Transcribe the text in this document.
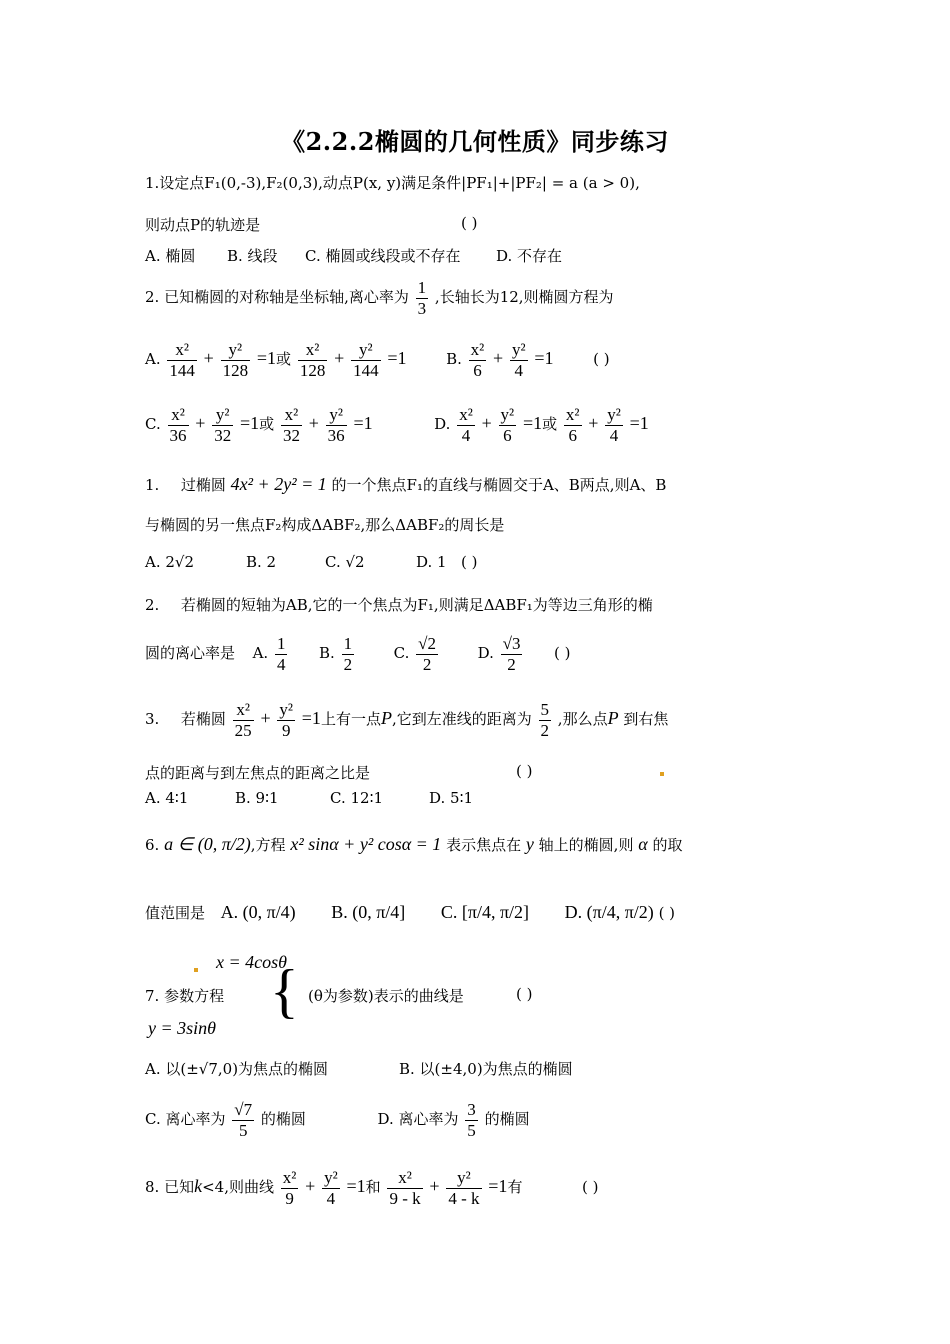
《2.2.2椭圆的几何性质》同步练习
1.设定点F₁(0,-3),F₂(0,3),动点P(x, y)满足条件|PF₁|+|PF₂| = a (a > 0),
则动点P的轨迹是	( )
A. 椭圆 B. 线段 C. 椭圆或线段或不存在 D. 不存在
2. 已知椭圆的对称轴是坐标轴,离心率为 $\frac{1}{3}$ ,长轴长为12,则椭圆方程为
A. $\frac{\text{x²}}{144} + \frac{\text{y²}}{128} =1$或 $\frac{\text{x²}}{128} + \frac{\text{y²}}{144} =1$	B. $\frac{\text{x²}}{6} + \frac{\text{y²}}{4} =1$	( )
C. $\frac{\text{x²}}{36} + \frac{\text{y²}}{32} =1$或 $\frac{\text{x²}}{32} + \frac{\text{y²}}{36} =1$	D. $\frac{\text{x²}}{4} + \frac{\text{y²}}{6} =1$或 $\frac{\text{x²}}{6} + \frac{\text{y²}}{4} =1$
1. 过椭圆 4x² + 2y² = 1 的一个焦点F₁的直线与椭圆交于A、B两点,则A、B
与椭圆的另一焦点F₂构成ΔABF₂,那么ΔABF₂的周长是
A. 2√2	B. 2	C. √2	D. 1 ( )
2. 若椭圆的短轴为AB,它的一个焦点为F₁,则满足ΔABF₁为等边三角形的椭
圆的离心率是 A. $\frac{1}{4} B$. $\frac{1}{2}$	C. $\frac{√2}{2}$	D. $\frac{√3}{2}$ ( )
3. 若椭圆 $\frac{\text{x²}}{25} + \frac{\text{y²}}{9} =1$上有一点P,它到左准线的距离为 $\frac{5}{2}$ ,那么点P 到右焦
点的距离与到左焦点的距离之比是	( )
A. 4∶1	B. 9∶1	C. 12∶1	D. 5∶1
6. a ∈ (0, π/2),方程 x² sinα + y² cosα = 1 表示焦点在 y 轴上的椭圆,则 α 的取
值范围是 A. (0, π/4) B. (0, π/4] C. [π/4, π/2] D. (π/4, π/2) ( )
x = 4cosθ
{
7. 参数方程	(θ为参数)表示的曲线是	( )
y = 3sinθ
A. 以(±√7,0)为焦点的椭圆	B. 以(±4,0)为焦点的椭圆
C. 离心率为 $\frac{√7}{5}$ 的椭圆	D. 离心率为 $\frac{3}{5}$ 的椭圆
8. 已知k<4,则曲线 $\frac{\text{x²}}{9} + \frac{\text{y²}}{4} =1$和 $\frac{\text{x²}}{9 - k} + \frac{\text{y²}}{4 - k} =1$有	( )
